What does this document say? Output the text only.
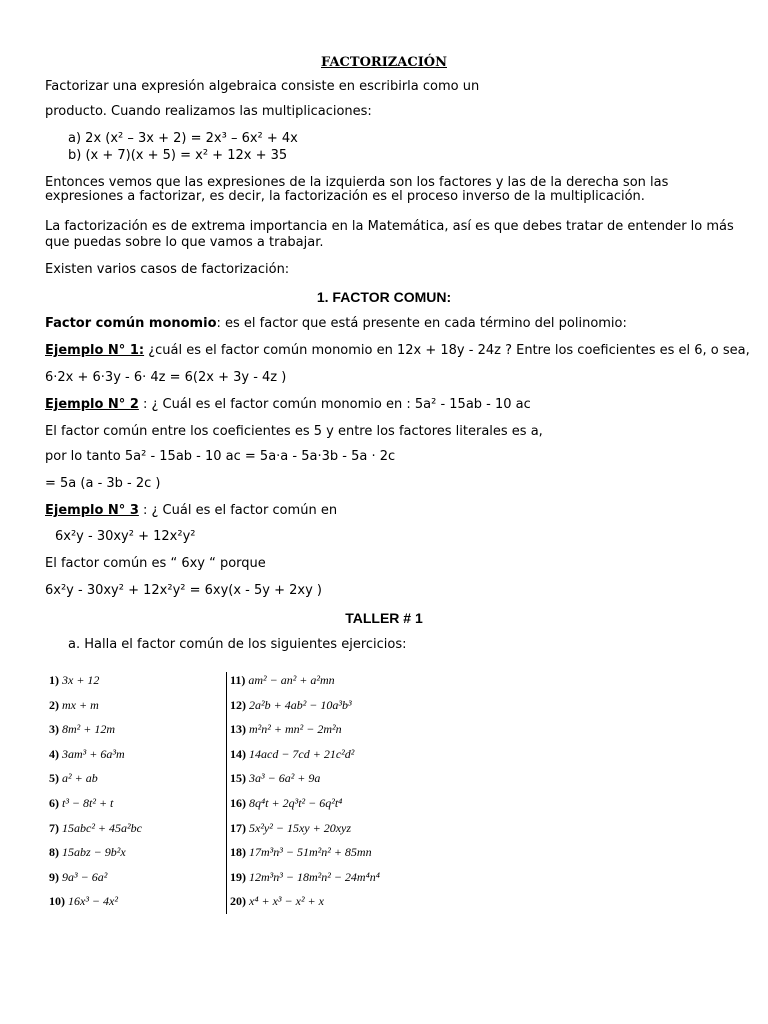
FACTORIZACIÓN
Factorizar una expresión algebraica consiste en escribirla como un
producto. Cuando realizamos las multiplicaciones:
a) 2x (x² – 3x + 2) = 2x³ – 6x² + 4x
b) (x + 7)(x + 5) = x² + 12x + 35
Entonces vemos que las expresiones de la izquierda son los factores y las de la derecha son las
expresiones a factorizar, es decir, la factorización es el proceso inverso de la multiplicación.
La factorización es de extrema importancia en la Matemática, así es que debes tratar de entender lo más
que puedas sobre lo que vamos a trabajar.
Existen varios casos de factorización:
1. FACTOR COMUN:
Factor común monomio: es el factor que está presente en cada término del polinomio:
Ejemplo N° 1: ¿cuál es el factor común monomio en 12x + 18y - 24z ? Entre los coeficientes es el 6, o sea,
6·2x + 6·3y - 6· 4z = 6(2x + 3y - 4z )
Ejemplo N° 2 : ¿ Cuál es el factor común monomio en : 5a² - 15ab - 10 ac
El factor común entre los coeficientes es 5 y entre los factores literales es a,
por lo tanto 5a² - 15ab - 10 ac = 5a·a - 5a·3b - 5a · 2c
= 5a (a - 3b - 2c )
Ejemplo N° 3 : ¿ Cuál es el factor común en
6x²y - 30xy² + 12x²y²
El factor común es “ 6xy “ porque
6x²y - 30xy² + 12x²y² = 6xy(x - 5y + 2xy )
TALLER # 1
a. Halla el factor común de los siguientes ejercicios:
1) 3x + 12
2) mx + m
3) 8m² + 12m
4) 3am³ + 6a³m
5) a² + ab
6) t³ − 8t² + t
7) 15abc² + 45a²bc
8) 15abz − 9b²x
9) 9a³ − 6a²
10) 16x³ − 4x²
11) am² − an² + a²mn
12) 2a²b + 4ab² − 10a³b³
13) m²n² + mn² − 2m²n
14) 14acd − 7cd + 21c²d²
15) 3a³ − 6a² + 9a
16) 8q⁴t + 2q³t² − 6q²t⁴
17) 5x²y² − 15xy + 20xyz
18) 17m³n³ − 51m²n² + 85mn
19) 12m³n³ − 18m²n² − 24m⁴n⁴
20) x⁴ + x³ − x² + x
